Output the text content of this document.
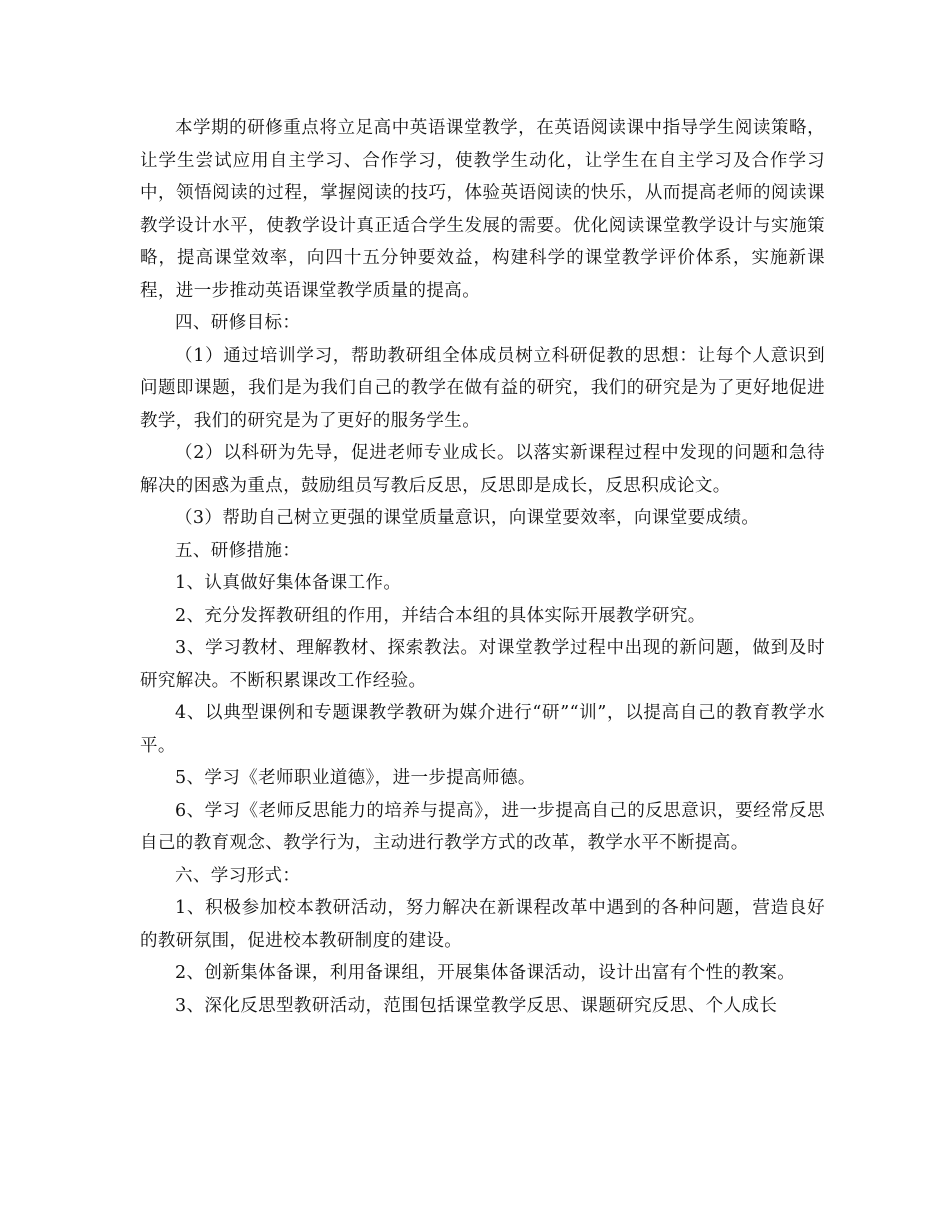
本学期的研修重点将立足高中英语课堂教学，在英语阅读课中指导学生阅读策略，让学生尝试应用自主学习、合作学习，使教学生动化，让学生在自主学习及合作学习中，领悟阅读的过程，掌握阅读的技巧，体验英语阅读的快乐，从而提高老师的阅读课教学设计水平，使教学设计真正适合学生发展的需要。优化阅读课堂教学设计与实施策略，提高课堂效率，向四十五分钟要效益，构建科学的课堂教学评价体系，实施新课程，进一步推动英语课堂教学质量的提高。

四、研修目标：

（1）通过培训学习，帮助教研组全体成员树立科研促教的思想：让每个人意识到问题即课题，我们是为我们自己的教学在做有益的研究，我们的研究是为了更好地促进教学，我们的研究是为了更好的服务学生。

（2）以科研为先导，促进老师专业成长。以落实新课程过程中发现的问题和急待解决的困惑为重点，鼓励组员写教后反思，反思即是成长，反思积成论文。

（3）帮助自己树立更强的课堂质量意识，向课堂要效率，向课堂要成绩。

五、研修措施：

1、认真做好集体备课工作。

2、充分发挥教研组的作用，并结合本组的具体实际开展教学研究。

3、学习教材、理解教材、探索教法。对课堂教学过程中出现的新问题，做到及时研究解决。不断积累课改工作经验。

4、以典型课例和专题课教学教研为媒介进行“研”“训”，以提高自己的教育教学水平。

5、学习《老师职业道德》，进一步提高师德。

6、学习《老师反思能力的培养与提高》，进一步提高自己的反思意识，要经常反思自己的教育观念、教学行为，主动进行教学方式的改革，教学水平不断提高。

六、学习形式：

1、积极参加校本教研活动，努力解决在新课程改革中遇到的各种问题，营造良好的教研氛围，促进校本教研制度的建设。

2、创新集体备课，利用备课组，开展集体备课活动，设计出富有个性的教案。

3、深化反思型教研活动，范围包括课堂教学反思、课题研究反思、个人成长
